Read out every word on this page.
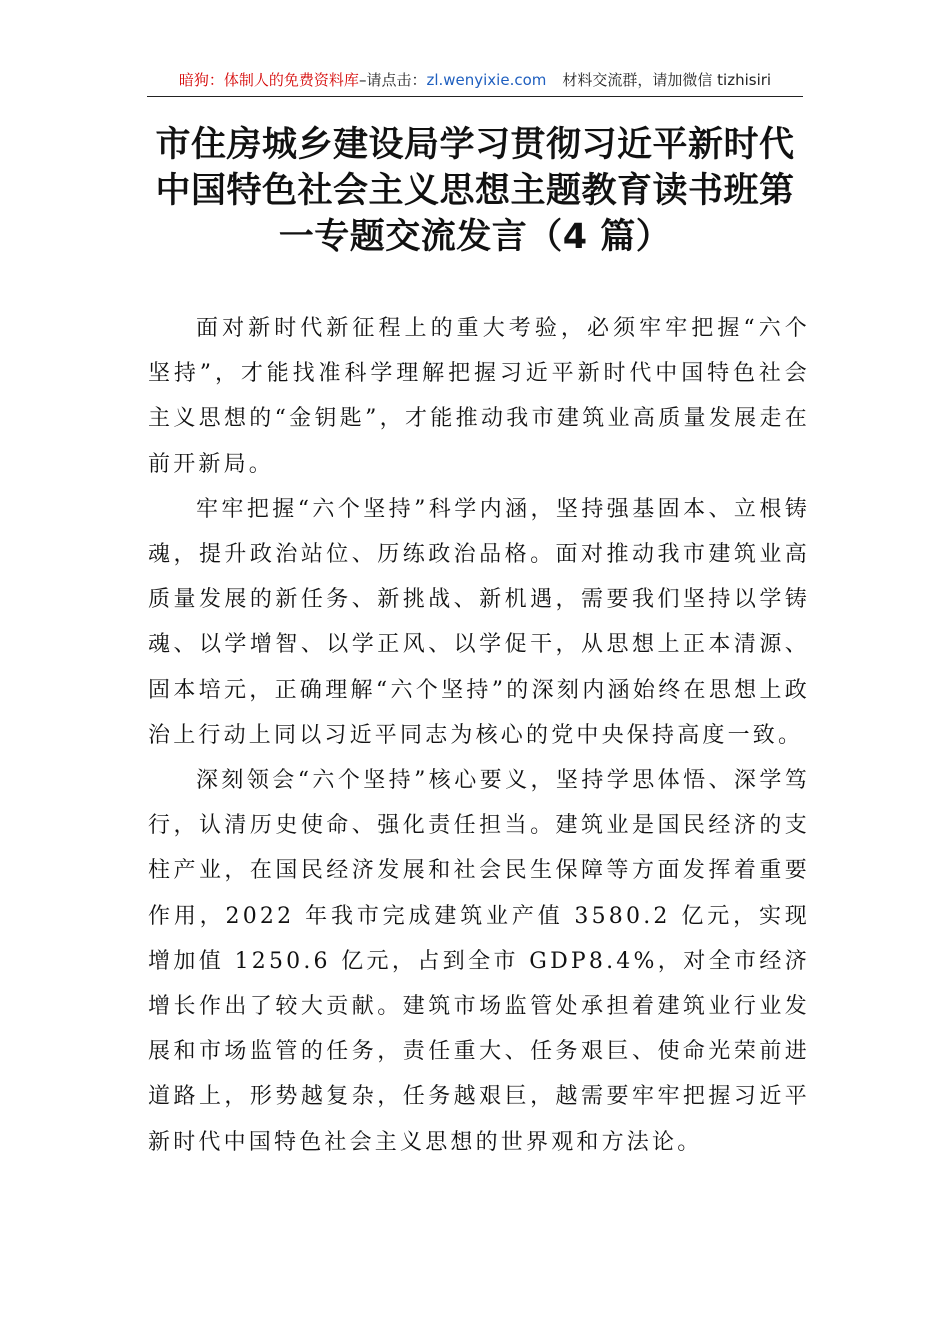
暗狗：体制人的免费资料库–请点击：zl.wenyixie.com 材料交流群，请加微信 tizhisiri
市住房城乡建设局学习贯彻习近平新时代
中国特色社会主义思想主题教育读书班第
一专题交流发言（4 篇）

面对新时代新征程上的重大考验，必须牢牢把握“六个坚持”，才能找准科学理解把握习近平新时代中国特色社会主义思想的“金钥匙”，才能推动我市建筑业高质量发展走在前开新局。

牢牢把握“六个坚持”科学内涵，坚持强基固本、立根铸魂，提升政治站位、历练政治品格。面对推动我市建筑业高质量发展的新任务、新挑战、新机遇，需要我们坚持以学铸魂、以学增智、以学正风、以学促干，从思想上正本清源、固本培元，正确理解“六个坚持”的深刻内涵始终在思想上政治上行动上同以习近平同志为核心的党中央保持高度一致。

深刻领会“六个坚持”核心要义，坚持学思体悟、深学笃行，认清历史使命、强化责任担当。建筑业是国民经济的支柱产业，在国民经济发展和社会民生保障等方面发挥着重要作用，2022 年我市完成建筑业产值 3580.2 亿元，实现增加值 1250.6 亿元，占到全市 GDP8.4%，对全市经济增长作出了较大贡献。建筑市场监管处承担着建筑业行业发展和市场监管的任务，责任重大、任务艰巨、使命光荣前进道路上，形势越复杂，任务越艰巨，越需要牢牢把握习近平新时代中国特色社会主义思想的世界观和方法论。
